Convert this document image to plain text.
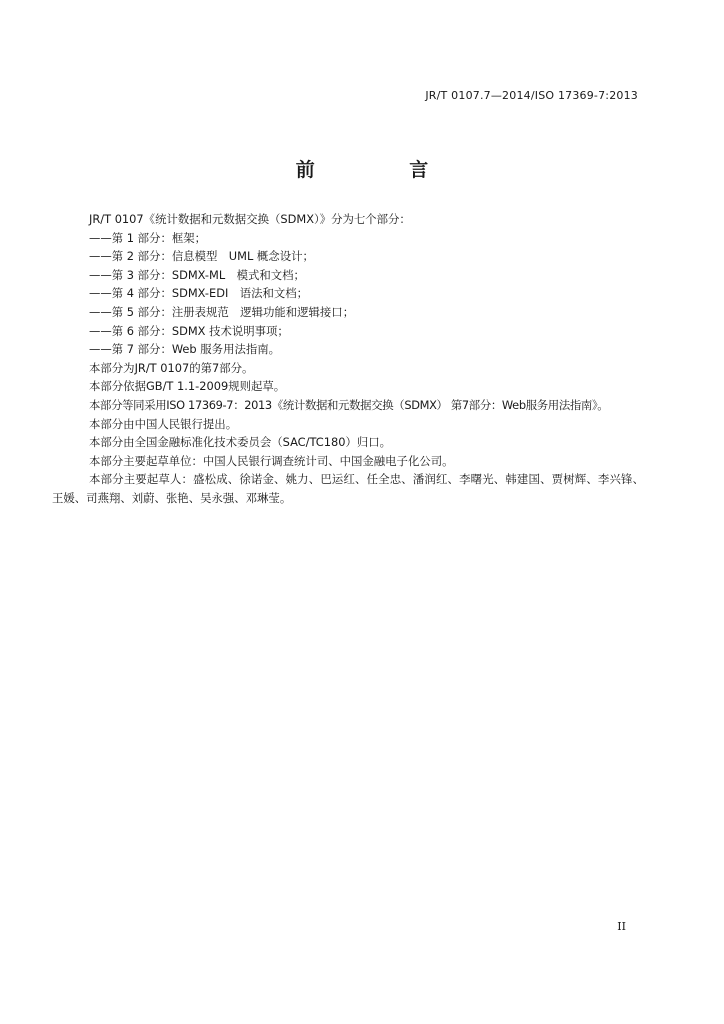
JR/T 0107.7—2014/ISO 17369-7:2013
前 言

JR/T 0107《统计数据和元数据交换（SDMX）》分为七个部分：

——第 1 部分：框架；

——第 2 部分：信息模型　UML 概念设计；

——第 3 部分：SDMX-ML　模式和文档；

——第 4 部分：SDMX-EDI　语法和文档；

——第 5 部分：注册表规范　逻辑功能和逻辑接口；

——第 6 部分：SDMX 技术说明事项；

——第 7 部分：Web 服务用法指南。

本部分为JR/T 0107的第7部分。

本部分依据GB/T 1.1-2009规则起草。

本部分等同采用ISO 17369-7：2013《统计数据和元数据交换（SDMX） 第7部分：Web服务用法指南》。

本部分由中国人民银行提出。

本部分由全国金融标准化技术委员会（SAC/TC180）归口。

本部分主要起草单位：中国人民银行调查统计司、中国金融电子化公司。

本部分主要起草人：盛松成、徐诺金、姚力、巴运红、任全忠、潘润红、李曙光、韩建国、贾树辉、李兴锋、王媛、司燕翔、刘蔚、张艳、吴永强、邓琳莹。

II
